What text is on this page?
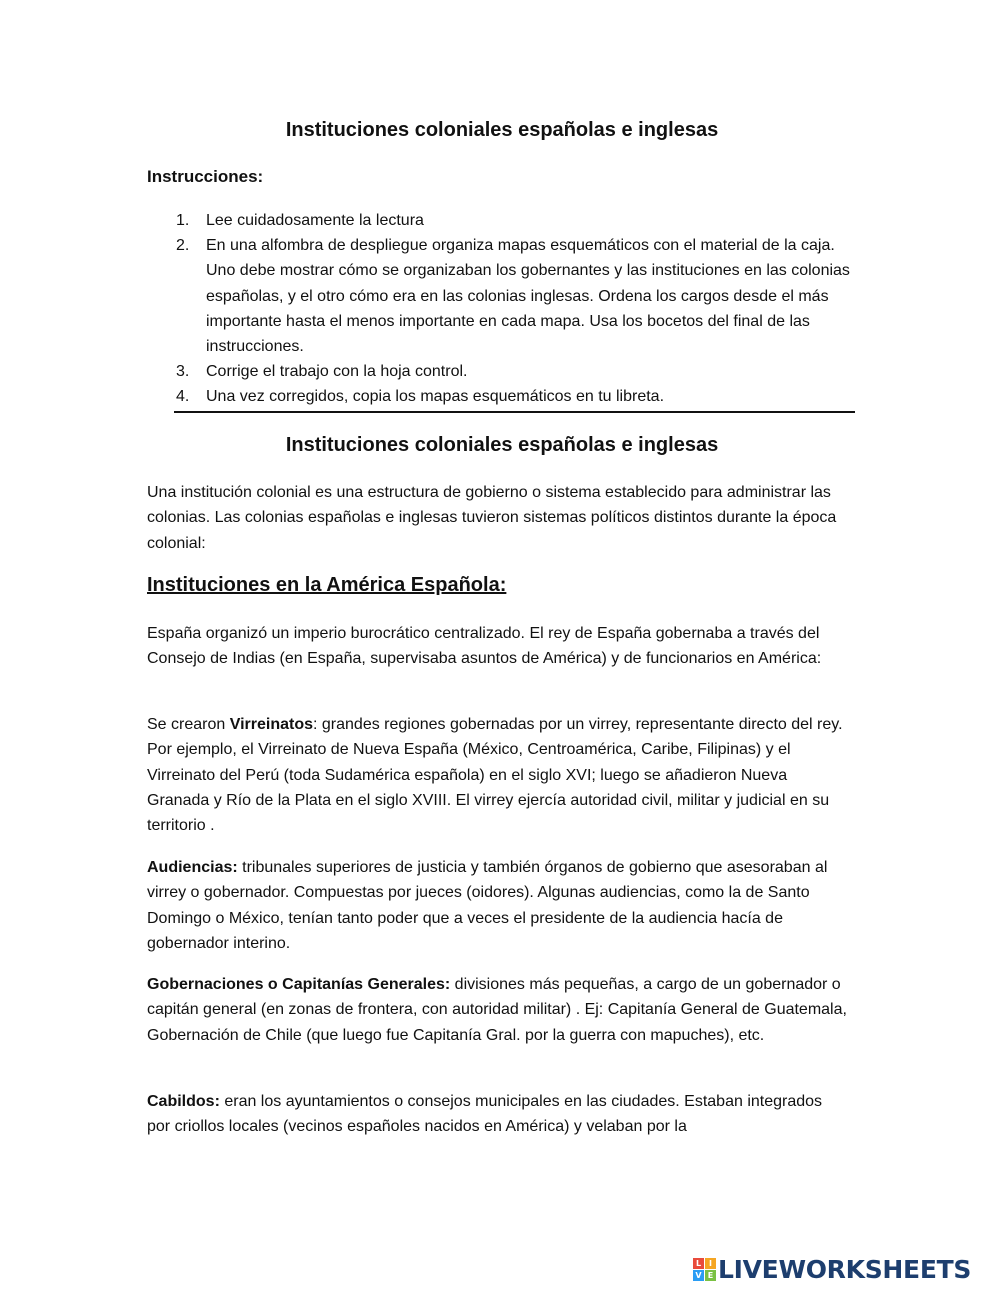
Instituciones coloniales españolas e inglesas
Instrucciones:
1. Lee cuidadosamente la lectura
2. En una alfombra de despliegue organiza mapas esquemáticos con el material de la caja. Uno debe mostrar cómo se organizaban los gobernantes y las instituciones en las colonias españolas, y el otro cómo era en las colonias inglesas. Ordena los cargos desde el más importante hasta el menos importante en cada mapa. Usa los bocetos del final de las instrucciones.
3. Corrige el trabajo con la hoja control.
4. Una vez corregidos, copia los mapas esquemáticos en tu libreta.
Instituciones coloniales españolas e inglesas

Una institución colonial es una estructura de gobierno o sistema establecido para administrar las colonias. Las colonias españolas e inglesas tuvieron sistemas políticos distintos durante la época colonial:

Instituciones en la América Española:

España organizó un imperio burocrático centralizado. El rey de España gobernaba a través del Consejo de Indias (en España, supervisaba asuntos de América) y de funcionarios en América:

Se crearon Virreinatos: grandes regiones gobernadas por un virrey, representante directo del rey. Por ejemplo, el Virreinato de Nueva España (México, Centroamérica, Caribe, Filipinas) y el Virreinato del Perú (toda Sudamérica española) en el siglo XVI; luego se añadieron Nueva Granada y Río de la Plata en el siglo XVIII. El virrey ejercía autoridad civil, militar y judicial en su territorio .

Audiencias: tribunales superiores de justicia y también órganos de gobierno que asesoraban al virrey o gobernador. Compuestas por jueces (oidores). Algunas audiencias, como la de Santo Domingo o México, tenían tanto poder que a veces el presidente de la audiencia hacía de gobernador interino.

Gobernaciones o Capitanías Generales: divisiones más pequeñas, a cargo de un gobernador o capitán general (en zonas de frontera, con autoridad militar) . Ej: Capitanía General de Guatemala, Gobernación de Chile (que luego fue Capitanía Gral. por la guerra con mapuches), etc.

Cabildos: eran los ayuntamientos o consejos municipales en las ciudades. Estaban integrados por criollos locales (vecinos españoles nacidos en América) y velaban por la

L I
V E LIVEWORKSHEETS
